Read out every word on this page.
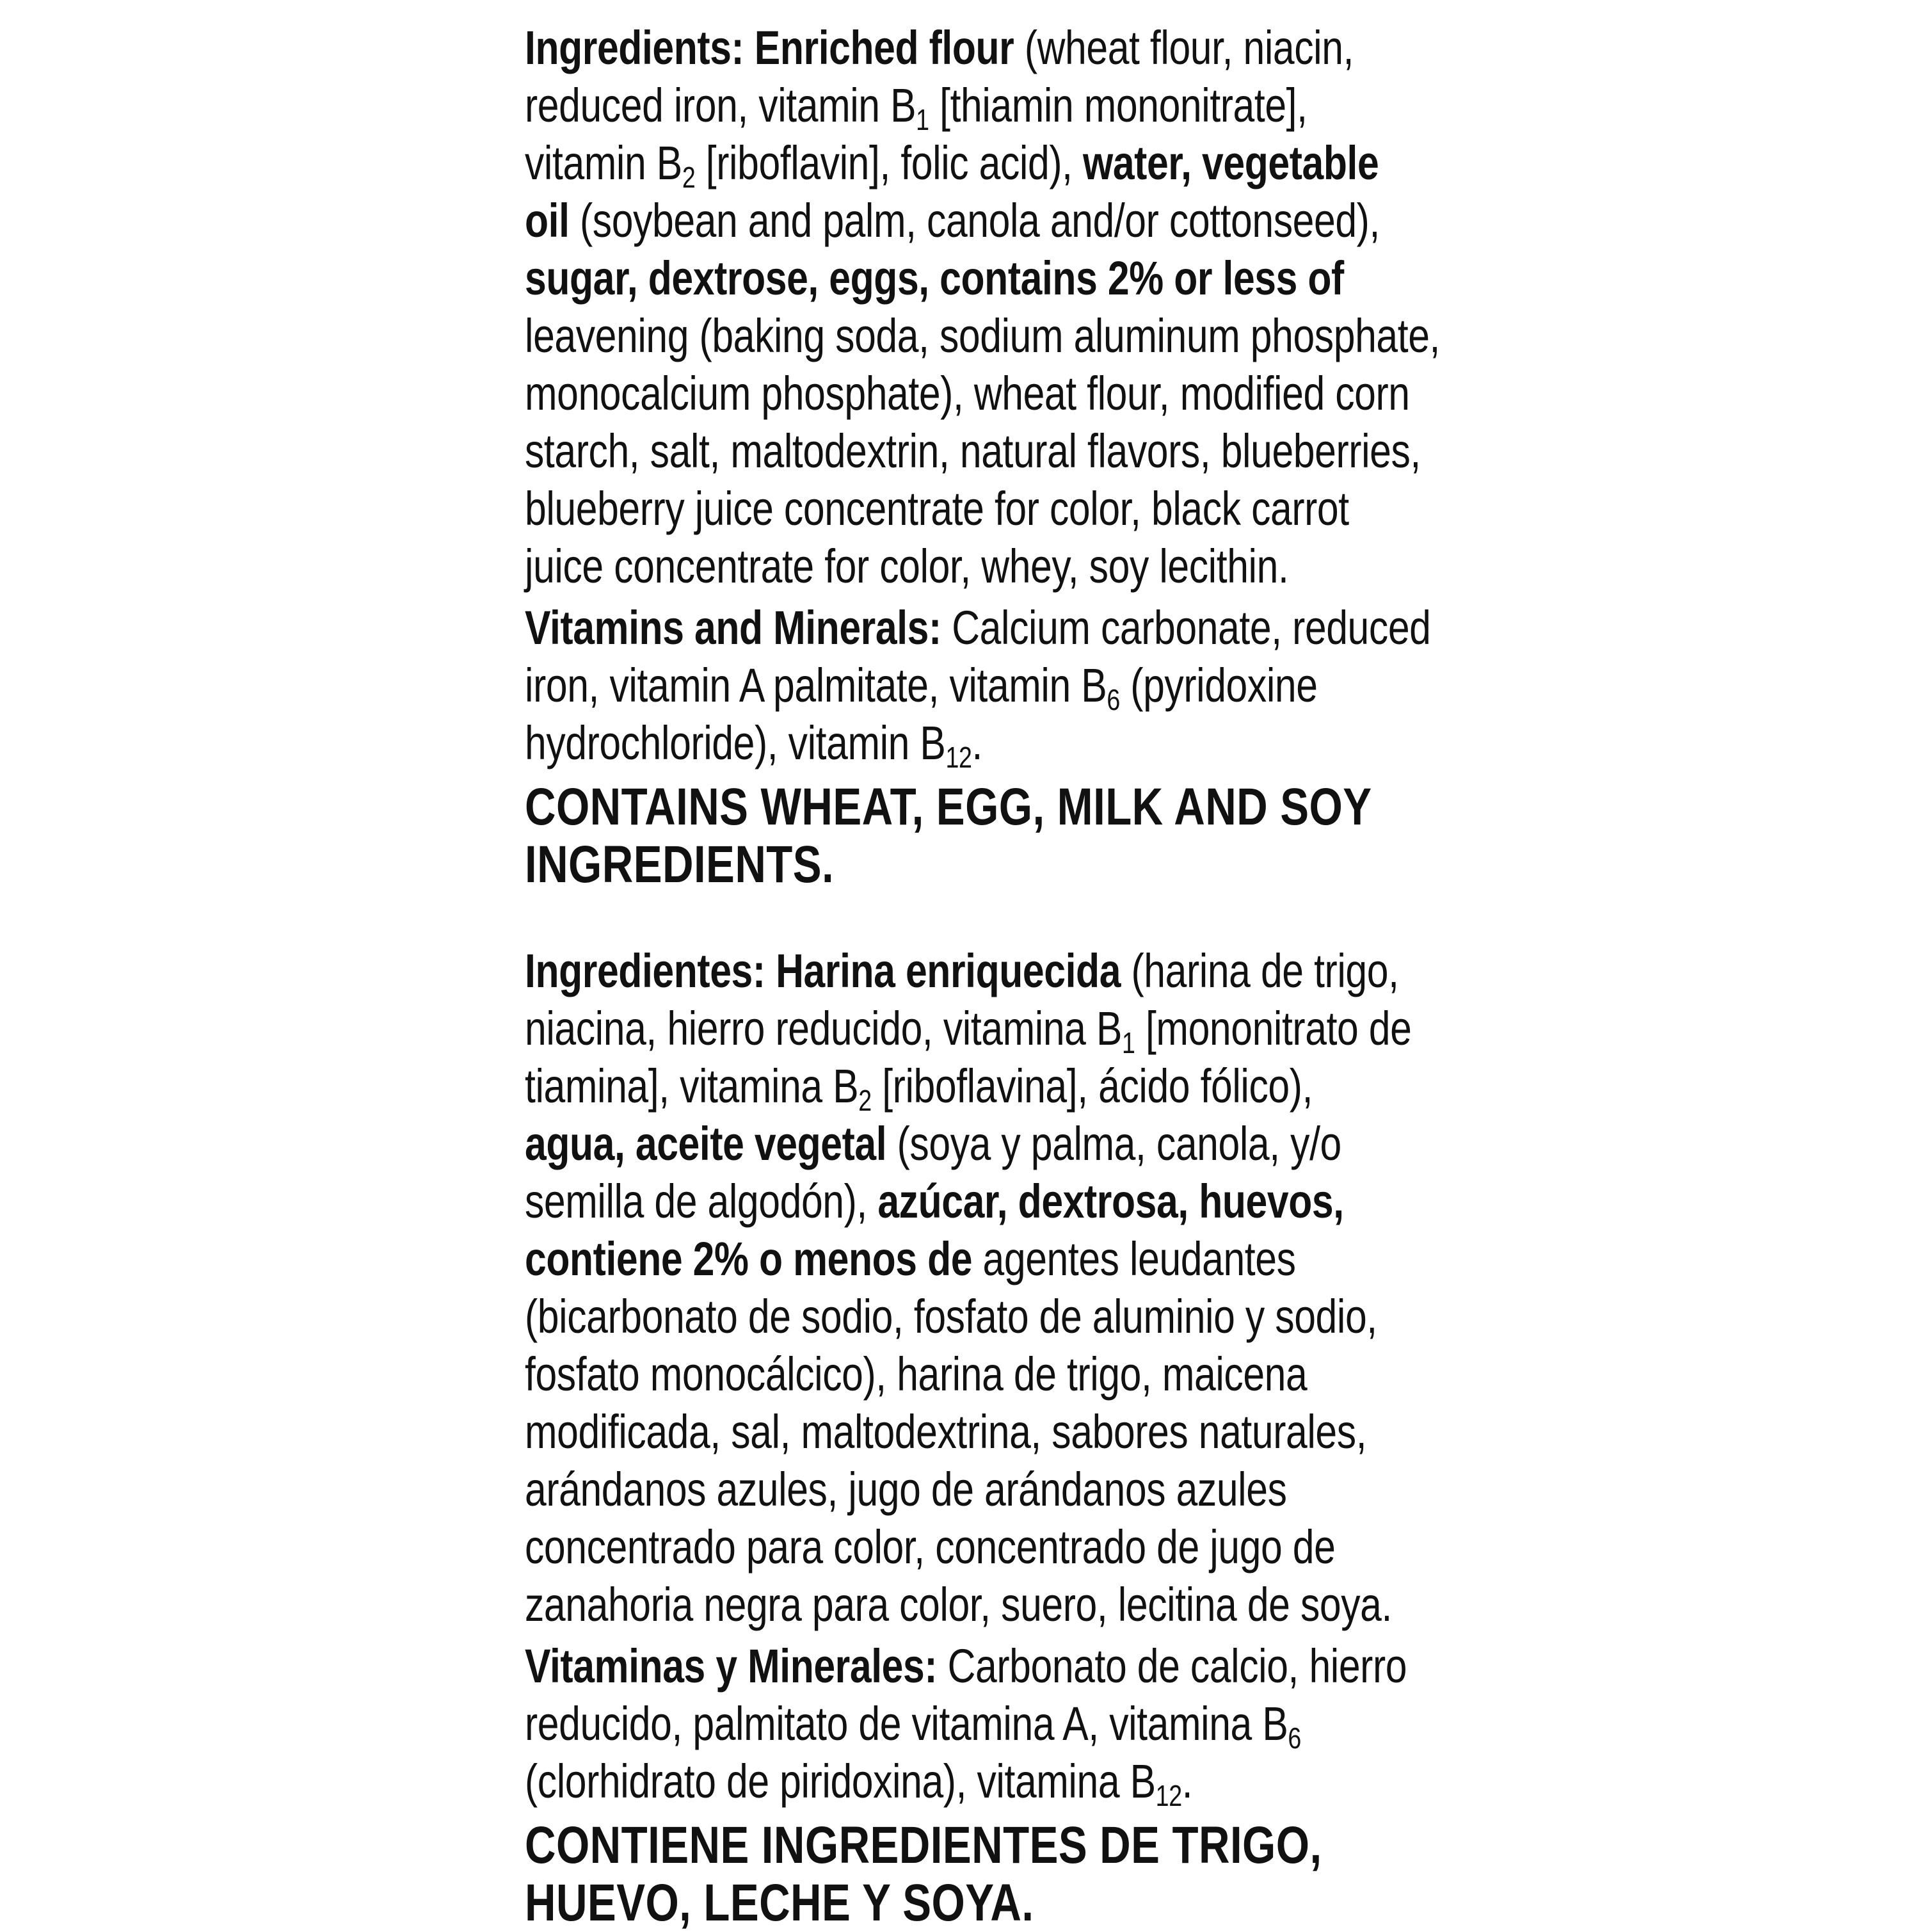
Ingredients: Enriched flour (wheat flour, niacin,

reduced iron, vitamin $B_1$ [thiamin mononitrate],

vitamin $B_2$ [riboflavin], folic acid), water, vegetable

oil (soybean and palm, canola and/or cottonseed),

sugar, dextrose, eggs, contains 2% or less of

leavening (baking soda, sodium aluminum phosphate,

monocalcium phosphate), wheat flour, modified corn

starch, salt, maltodextrin, natural flavors, blueberries,

blueberry juice concentrate for color, black carrot

juice concentrate for color, whey, soy lecithin.

Vitamins and Minerals: Calcium carbonate, reduced

iron, vitamin A palmitate, vitamin $B_6$ (pyridoxine

hydrochloride), vitamin $B_{12}$.

CONTAINS WHEAT, EGG, MILK AND SOY

INGREDIENTS.

Ingredientes: Harina enriquecida (harina de trigo,

niacina, hierro reducido, vitamina $B_1$ [mononitrato de

tiamina], vitamina $B_2$ [riboflavina], ácido fólico),

agua, aceite vegetal (soya y palma, canola, y/o

semilla de algodón), azúcar, dextrosa, huevos,

contiene 2% o menos de agentes leudantes

(bicarbonato de sodio, fosfato de aluminio y sodio,

fosfato monocálcico), harina de trigo, maicena

modificada, sal, maltodextrina, sabores naturales,

arándanos azules, jugo de arándanos azules

concentrado para color, concentrado de jugo de

zanahoria negra para color, suero, lecitina de soya.

Vitaminas y Minerales: Carbonato de calcio, hierro

reducido, palmitato de vitamina A, vitamina $B_6$

(clorhidrato de piridoxina), vitamina $B_{12}$.

CONTIENE INGREDIENTES DE TRIGO,

HUEVO, LECHE Y SOYA.
